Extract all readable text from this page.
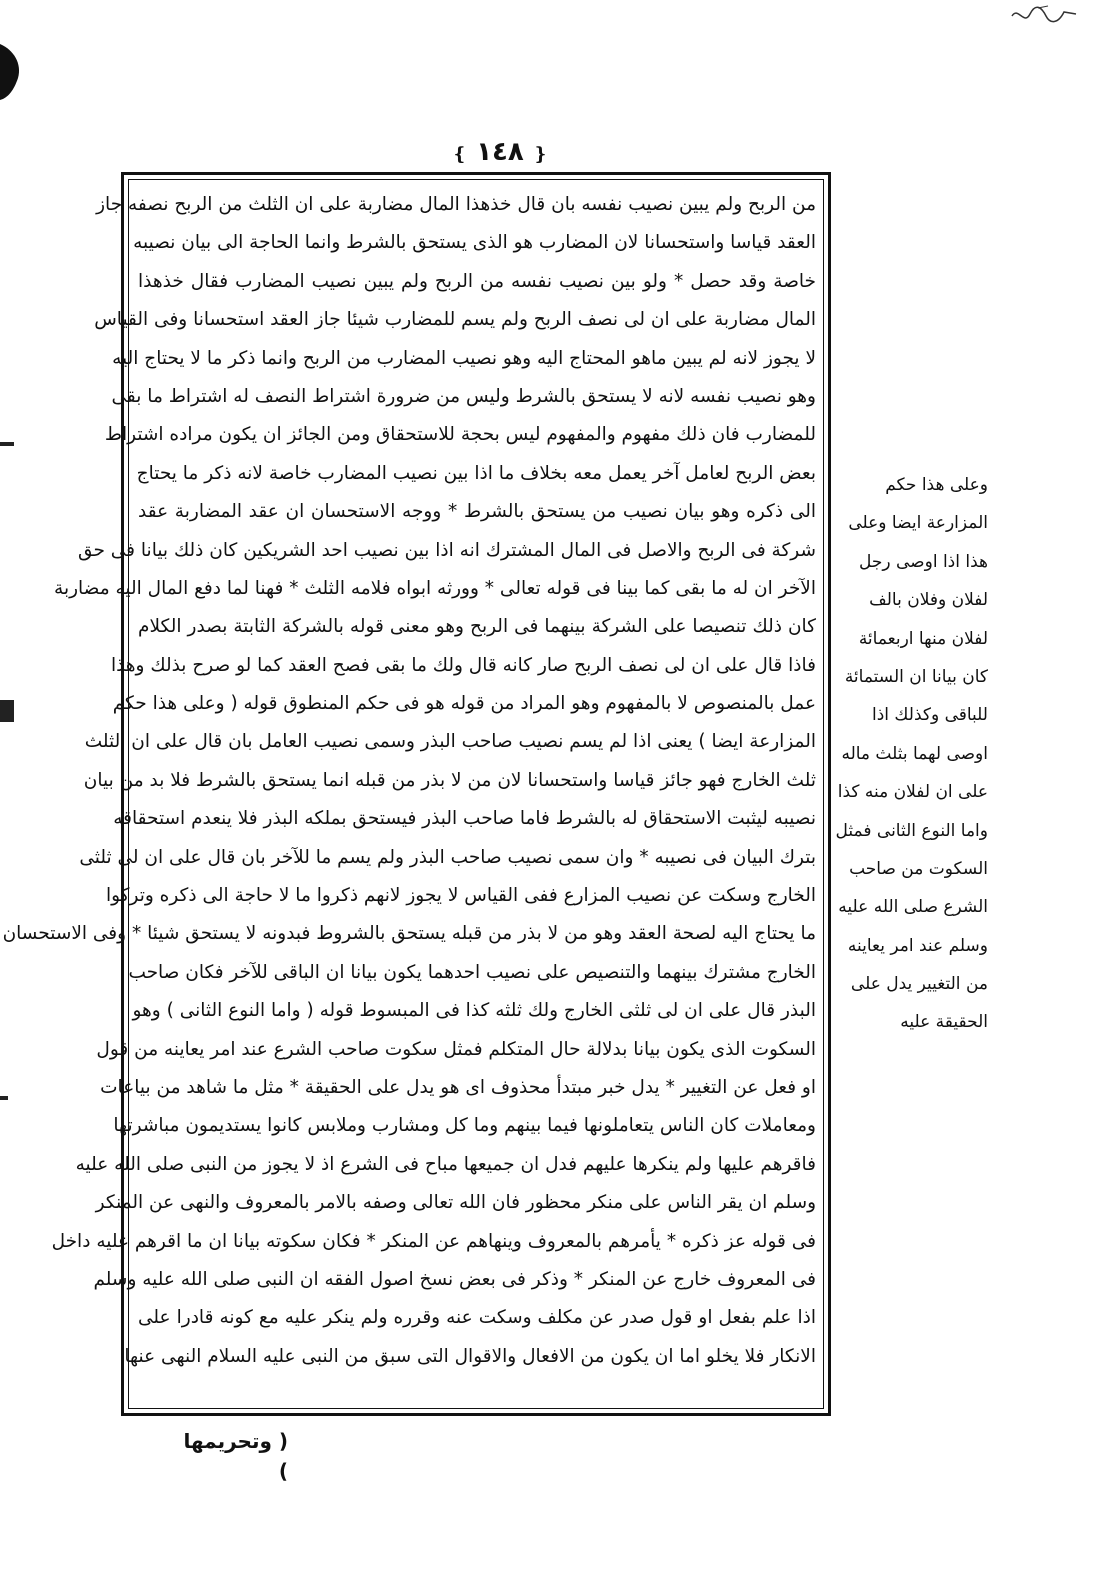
❴ ١٤٨ ❵
من الربح ولم يبين نصيب نفسه بان قال خذهذا المال مضاربة على ان الثلث من الربح نصفه جاز
العقد قياسا واستحسانا لان المضارب هو الذى يستحق بالشرط وانما الحاجة الى بيان نصيبه
خاصة وقد حصل * ولو بين نصيب نفسه من الربح ولم يبين نصيب المضارب فقال خذهذا
المال مضاربة على ان لى نصف الربح ولم يسم للمضارب شيئا جاز العقد استحسانا وفى القياس
لا يجوز لانه لم يبين ماهو المحتاج اليه وهو نصيب المضارب من الربح وانما ذكر ما لا يحتاج اليه
وهو نصيب نفسه لانه لا يستحق بالشرط وليس من ضرورة اشتراط النصف له اشتراط ما بقى
للمضارب فان ذلك مفهوم والمفهوم ليس بحجة للاستحقاق ومن الجائز ان يكون مراده اشتراط
بعض الربح لعامل آخر يعمل معه بخلاف ما اذا بين نصيب المضارب خاصة لانه ذكر ما يحتاج
الى ذكره وهو بيان نصيب من يستحق بالشرط * ووجه الاستحسان ان عقد المضاربة عقد
شركة فى الربح والاصل فى المال المشترك انه اذا بين نصيب احد الشريكين كان ذلك بيانا فى حق
الآخر ان له ما بقى كما بينا فى قوله تعالى * وورثه ابواه فلامه الثلث * فهنا لما دفع المال اليه مضاربة
كان ذلك تنصيصا على الشركة بينهما فى الربح وهو معنى قوله بالشركة الثابتة بصدر الكلام
فاذا قال على ان لى نصف الربح صار كانه قال ولك ما بقى فصح العقد كما لو صرح بذلك وهذا
عمل بالمنصوص لا بالمفهوم وهو المراد من قوله هو فى حكم المنطوق قوله ( وعلى هذا حكم
المزارعة ايضا ) يعنى اذا لم يسم نصيب صاحب البذر وسمى نصيب العامل بان قال على ان الثلث
ثلث الخارج فهو جائز قياسا واستحسانا لان من لا بذر من قبله انما يستحق بالشرط فلا بد من بيان
نصيبه ليثبت الاستحقاق له بالشرط فاما صاحب البذر فيستحق بملكه البذر فلا ينعدم استحقاقه
بترك البيان فى نصيبه * وان سمى نصيب صاحب البذر ولم يسم ما للآخر بان قال على ان لى ثلثى
الخارج وسكت عن نصيب المزارع ففى القياس لا يجوز لانهم ذكروا ما لا حاجة الى ذكره وتركوا
ما يحتاج اليه لصحة العقد وهو من لا بذر من قبله يستحق بالشروط فبدونه لا يستحق شيئا * وفى الاستحسان
الخارج مشترك بينهما والتنصيص على نصيب احدهما يكون بيانا ان الباقى للآخر فكان صاحب
البذر قال على ان لى ثلثى الخارج ولك ثلثه كذا فى المبسوط قوله ( واما النوع الثانى ) وهو
السكوت الذى يكون بيانا بدلالة حال المتكلم فمثل سكوت صاحب الشرع عند امر يعاينه من قول
او فعل عن التغيير * يدل خبر مبتدأ محذوف اى هو يدل على الحقيقة * مثل ما شاهد من بياعات
ومعاملات كان الناس يتعاملونها فيما بينهم وما كل ومشارب وملابس كانوا يستديمون مباشرتها
فاقرهم عليها ولم ينكرها عليهم فدل ان جميعها مباح فى الشرع اذ لا يجوز من النبى صلى الله عليه
وسلم ان يقر الناس على منكر محظور فان الله تعالى وصفه بالامر بالمعروف والنهى عن المنكر
فى قوله عز ذكره * يأمرهم بالمعروف وينهاهم عن المنكر * فكان سكوته بيانا ان ما اقرهم عليه داخل
فى المعروف خارج عن المنكر * وذكر فى بعض نسخ اصول الفقه ان النبى صلى الله عليه وسلم
اذا علم بفعل او قول صدر عن مكلف وسكت عنه وقرره ولم ينكر عليه مع كونه قادرا على
الانكار فلا يخلو اما ان يكون من الافعال والاقوال التى سبق من النبى عليه السلام النهى عنها
وعلى هذا حكم
المزارعة ايضا وعلى
هذا اذا اوصى رجل
لفلان وفلان بالف
لفلان منها اربعمائة
كان بيانا ان الستمائة
للباقى وكذلك اذا
اوصى لهما بثلث ماله
على ان لفلان منه كذا
واما النوع الثانى فمثل
السكوت من صاحب
الشرع صلى الله عليه
وسلم عند امر يعاينه
من التغيير يدل على
الحقيقة عليه
( وتحريمها )
